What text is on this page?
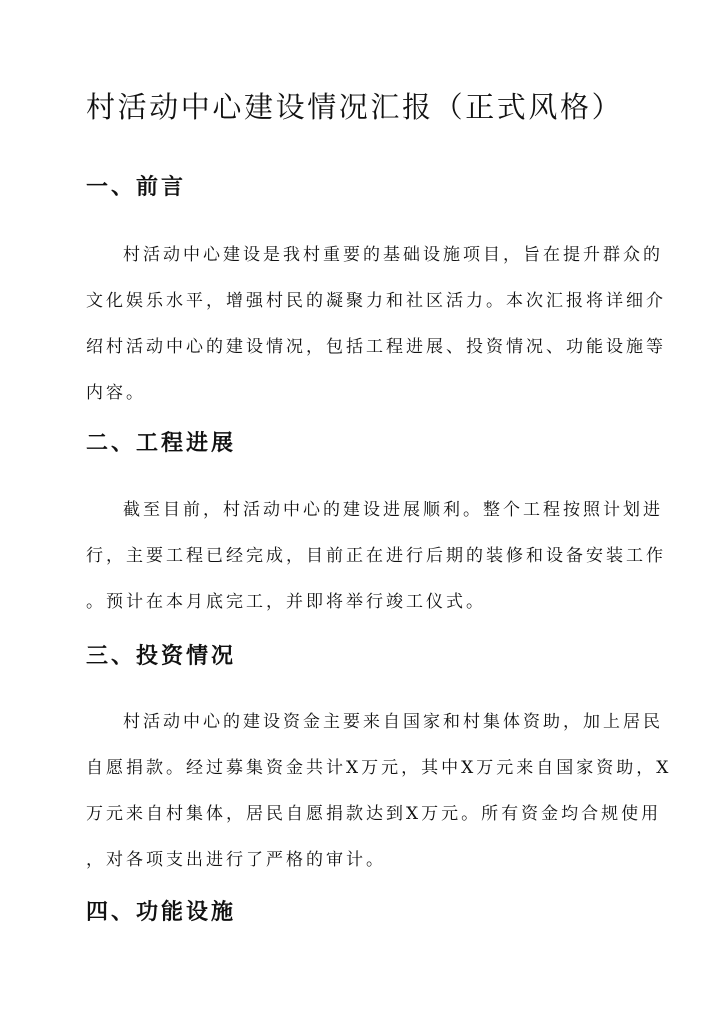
村活动中心建设情况汇报（正式风格）
一、前言
村活动中心建设是我村重要的基础设施项目，旨在提升群众的
文化娱乐水平，增强村民的凝聚力和社区活力。本次汇报将详细介
绍村活动中心的建设情况，包括工程进展、投资情况、功能设施等
内容。
二、工程进展
截至目前，村活动中心的建设进展顺利。整个工程按照计划进
行，主要工程已经完成，目前正在进行后期的装修和设备安装工作
。预计在本月底完工，并即将举行竣工仪式。
三、投资情况
村活动中心的建设资金主要来自国家和村集体资助，加上居民
自愿捐款。经过募集资金共计X万元，其中X万元来自国家资助，X
万元来自村集体，居民自愿捐款达到X万元。所有资金均合规使用
，对各项支出进行了严格的审计。
四、功能设施
